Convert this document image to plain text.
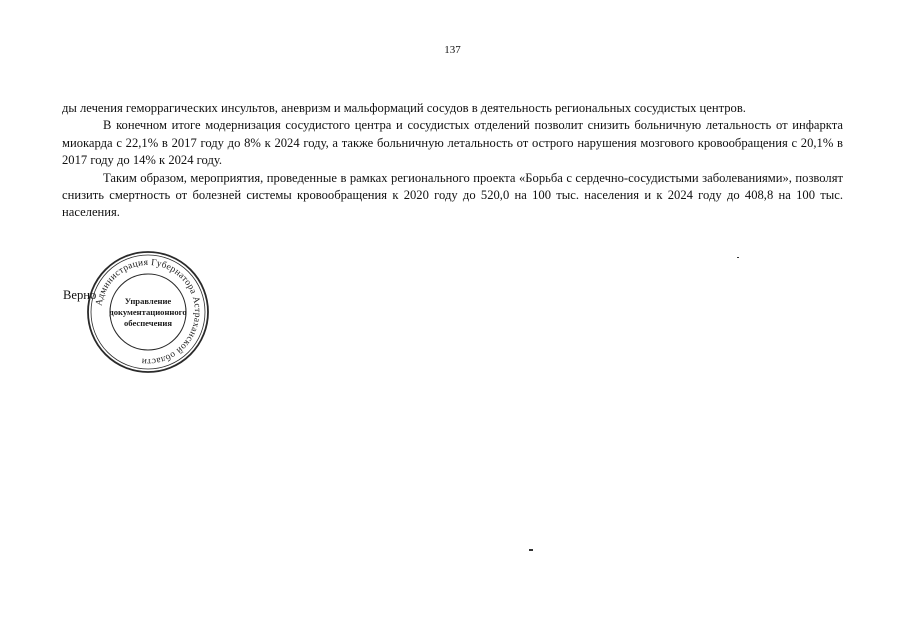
137

ды лечения геморрагических инсультов, аневризм и мальформаций сосудов в деятельность региональных сосудистых центров.

В конечном итоге модернизация сосудистого центра и сосудистых отделений позволит снизить больничную летальность от инфаркта миокарда с 22,1% в 2017 году до 8% к 2024 году, а также больничную летальность от острого нарушения мозгового кровообращения с 20,1% в 2017 году до 14% к 2024 году.

Таким образом, мероприятия, проведенные в рамках регионального проекта «Борьба с сердечно-сосудистыми заболеваниями», позволят снизить смертность от болезней системы кровообращения к 2020 году до 520,0 на 100 тыс. населения и к 2024 году до 408,8 на 100 тыс. населения.

Верно
Администрация Губернатора Астраханской области
Управление
документационного
обеспечения
